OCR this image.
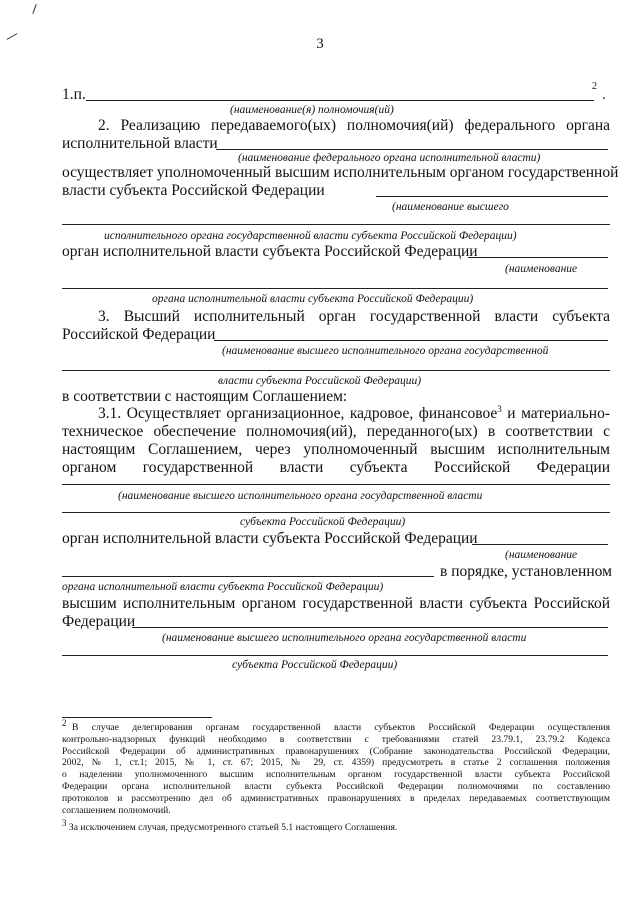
3
1.п.	2
.
(наименование(я) полномочия(ий)
2. Реализацию передаваемого(ых) полномочия(ий) федерального органа
исполнительной власти
(наименование федерального органа исполнительной власти)
осуществляет уполномоченный высшим исполнительным органом государственной
власти субъекта Российской Федерации
(наименование высшего
исполнительного органа государственной власти субъекта Российской Федерации)
орган исполнительной власти субъекта Российской Федерации
(наименование
органа исполнительной власти субъекта Российской Федерации)
3. Высший исполнительный орган государственной власти субъекта
Российской Федерации
(наименование высшего исполнительного органа государственной
власти субъекта Российской Федерации)
в соответствии с настоящим Соглашением:
3.1. Осуществляет организационное, кадровое, финансовое$^3$ и материально-
техническое обеспечение полномочия(ий), переданного(ых) в соответствии с
настоящим Соглашением, через уполномоченный высшим исполнительным
органом государственной власти субъекта Российской Федерации
(наименование высшего исполнительного органа государственной власти
субъекта Российской Федерации)
орган исполнительной власти субъекта Российской Федерации
(наименование
в порядке, установленном
органа исполнительной власти субъекта Российской Федерации)
высшим исполнительным органом государственной власти субъекта Российской
Федерации
(наименование высшего исполнительного органа государственной власти
субъекта Российской Федерации)
$^2$ В случае делегирования органам государственной власти субъектов Российской Федерации осуществления
контрольно-надзорных функций необходимо в соответствии с требованиями статей 23.79.1, 23.79.2 Кодекса
Российской Федерации об административных правонарушениях (Собрание законодательства Российской Федерации,
2002, № 1, ст.1; 2015, № 1, ст. 67; 2015, № 29, ст. 4359) предусмотреть в статье 2 соглашения положения
о наделении уполномоченного высшим исполнительным органом государственной власти субъекта Российской
Федерации органа исполнительной власти субъекта Российской Федерации полномочиями по составлению
протоколов и рассмотрению дел об административных правонарушениях в пределах передаваемых соответствующим
соглашением полномочий.
$^3$ За исключением случая, предусмотренного статьей 5.1 настоящего Соглашения.
